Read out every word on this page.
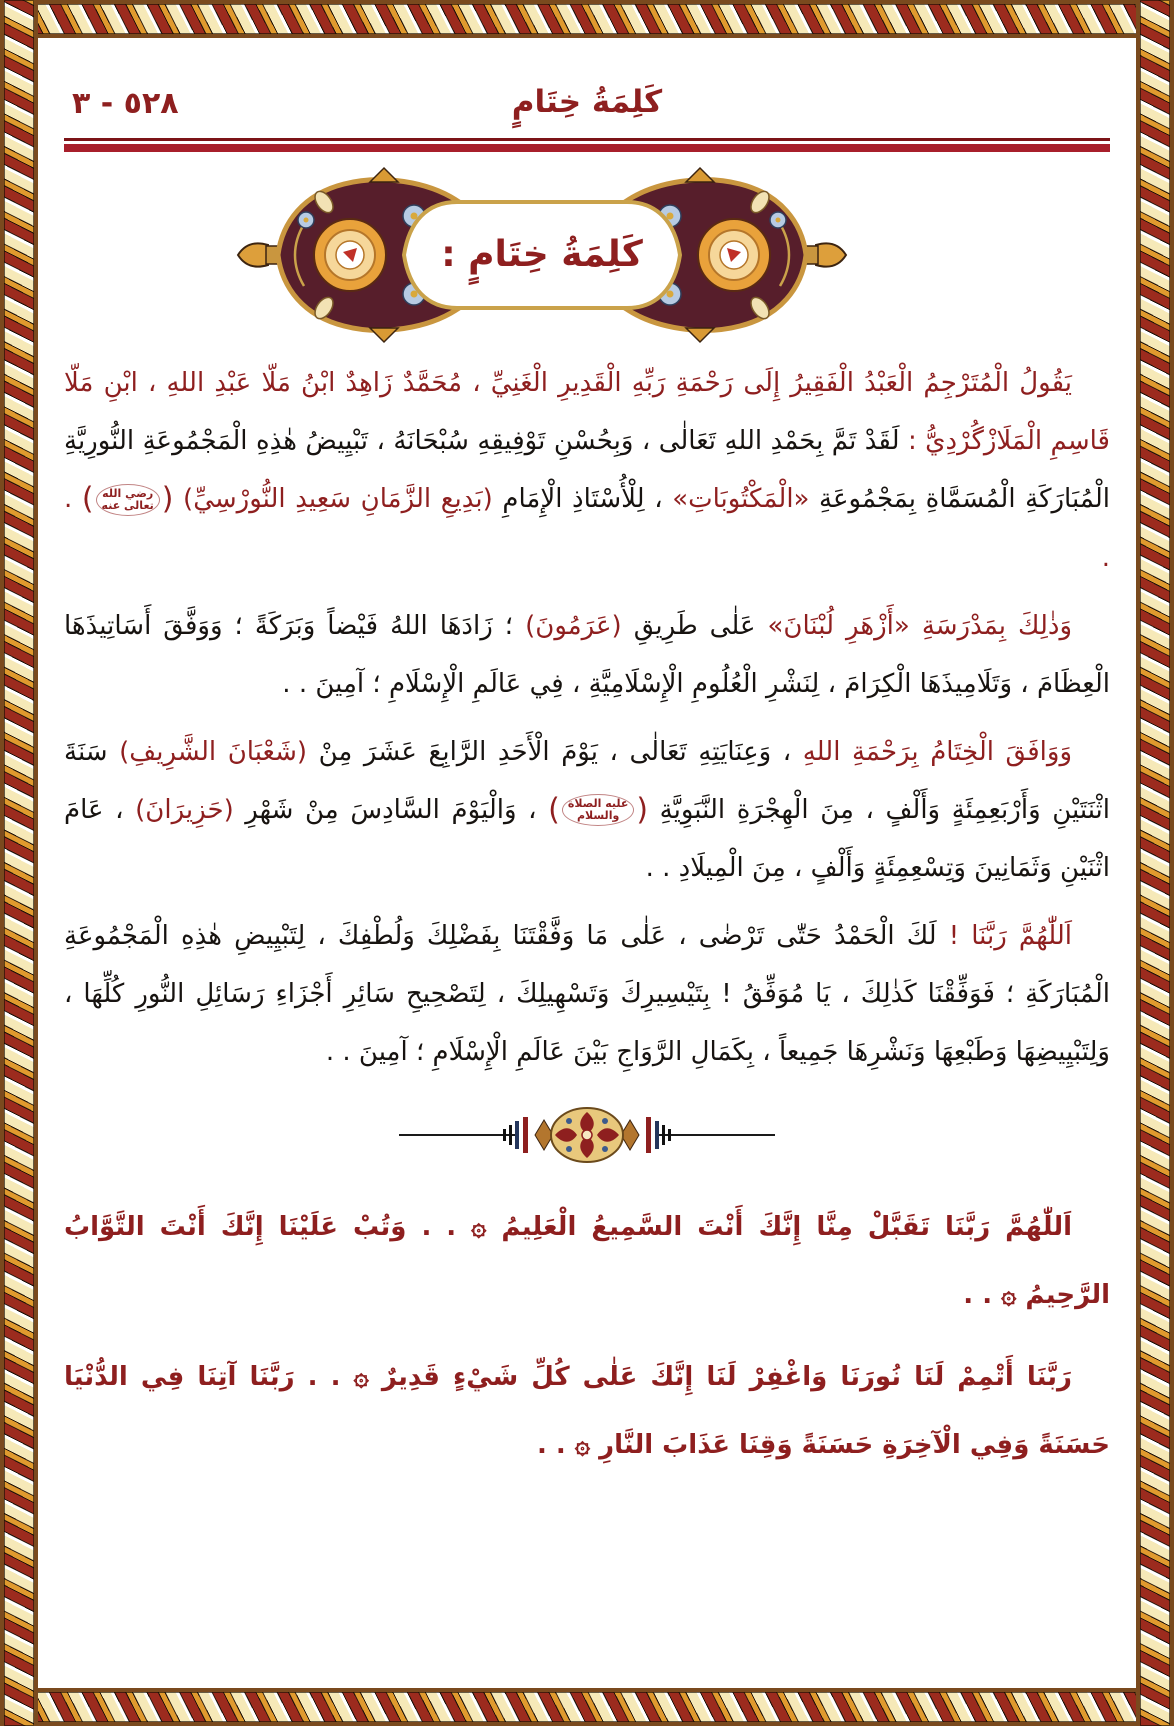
كَلِمَةُ خِتَامٍ
٥٢٨ - ٣
كَلِمَةُ خِتَامٍ :
يَقُولُ الْمُتَرْجِمُ الْعَبْدُ الْفَقِيرُ إِلَى رَحْمَةِ رَبِّهِ الْقَدِيرِ الْغَنِيِّ ، مُحَمَّدٌ زَاهِدٌ ابْنُ مَلّا عَبْدِ اللهِ ، ابْنِ مَلّا قَاسِمِ الْمَلَازْگُرْدِيُّ : لَقَدْ تَمَّ بِحَمْدِ اللهِ تَعَالٰى ، وَبِحُسْنِ تَوْفِيقِهِ سُبْحَانَهُ ، تَبْيِيضُ هٰذِهِ الْمَجْمُوعَةِ النُّورِيَّةِ الْمُبَارَكَةِ الْمُسَمَّاةِ بِمَجْمُوعَةِ «الْمَكْتُوبَاتِ» ، لِلْأُسْتَاذِ الْإِمَامِ (بَدِيعِ الزَّمَانِ سَعِيدِ النُّورْسِيِّ) (
رضي الله
تعالى عنه
) . .
وَذٰلِكَ بِمَدْرَسَةِ «أَزْهَرِ لُبْنَانَ» عَلٰى طَرِيقِ (عَرَمُونَ) ؛ زَادَهَا اللهُ فَيْضاً وَبَرَكَةً ؛ وَوَفَّقَ أَسَاتِيذَهَا الْعِظَامَ ، وَتَلَامِيذَهَا الْكِرَامَ ، لِنَشْرِ الْعُلُومِ الْإِسْلَامِيَّةِ ، فِي عَالَمِ الْإِسْلَامِ ؛ آمِينَ . .
وَوَافَقَ الْخِتَامُ بِرَحْمَةِ اللهِ ، وَعِنَايَتِهِ تَعَالٰى ، يَوْمَ الْأَحَدِ الرَّابِعَ عَشَرَ مِنْ (شَعْبَانَ الشَّرِيفِ) سَنَةَ اثْنَتَيْنِ وَأَرْبَعِمِئَةٍ وَأَلْفٍ ، مِنَ الْهِجْرَةِ النَّبَوِيَّةِ (
عليه الصلاة
والسلام
) ، وَالْيَوْمَ السَّادِسَ مِنْ شَهْرِ (حَزِيرَانَ) ، عَامَ اثْنَيْنِ وَثَمَانِينَ وَتِسْعِمِئَةٍ وَأَلْفٍ ، مِنَ الْمِيلَادِ . .
اَللّٰهُمَّ رَبَّنَا ! لَكَ الْحَمْدُ حَتّٰى تَرْضٰى ، عَلٰى مَا وَفَّقْتَنَا بِفَضْلِكَ وَلُطْفِكَ ، لِتَبْيِيضِ هٰذِهِ الْمَجْمُوعَةِ الْمُبَارَكَةِ ؛ فَوَفِّقْنَا كَذٰلِكَ ، يَا مُوَفِّقُ ! بِتَيْسِيرِكَ وَتَسْهِيلِكَ ، لِتَصْحِيحِ سَائِرِ أَجْزَاءِ رَسَائِلِ النُّورِ كُلِّهَا ، وَلِتَبْيِيضِهَا وَطَبْعِهَا وَنَشْرِهَا جَمِيعاً ، بِكَمَالِ الرَّوَاجِ بَيْنَ عَالَمِ الْإِسْلَامِ ؛ آمِينَ . .
اَللّٰهُمَّ رَبَّنَا تَقَبَّلْ مِنَّا إِنَّكَ أَنْتَ السَّمِيعُ الْعَلِيمُ ۞ . . وَتُبْ عَلَيْنَا إِنَّكَ أَنْتَ التَّوَّابُ الرَّحِيمُ ۞ . .
رَبَّنَا أَتْمِمْ لَنَا نُورَنَا وَاغْفِرْ لَنَا إِنَّكَ عَلٰى كُلِّ شَيْءٍ قَدِيرٌ ۞ . . رَبَّنَا آتِنَا فِي الدُّنْيَا حَسَنَةً وَفِي الْآخِرَةِ حَسَنَةً وَقِنَا عَذَابَ النَّارِ ۞ . .
